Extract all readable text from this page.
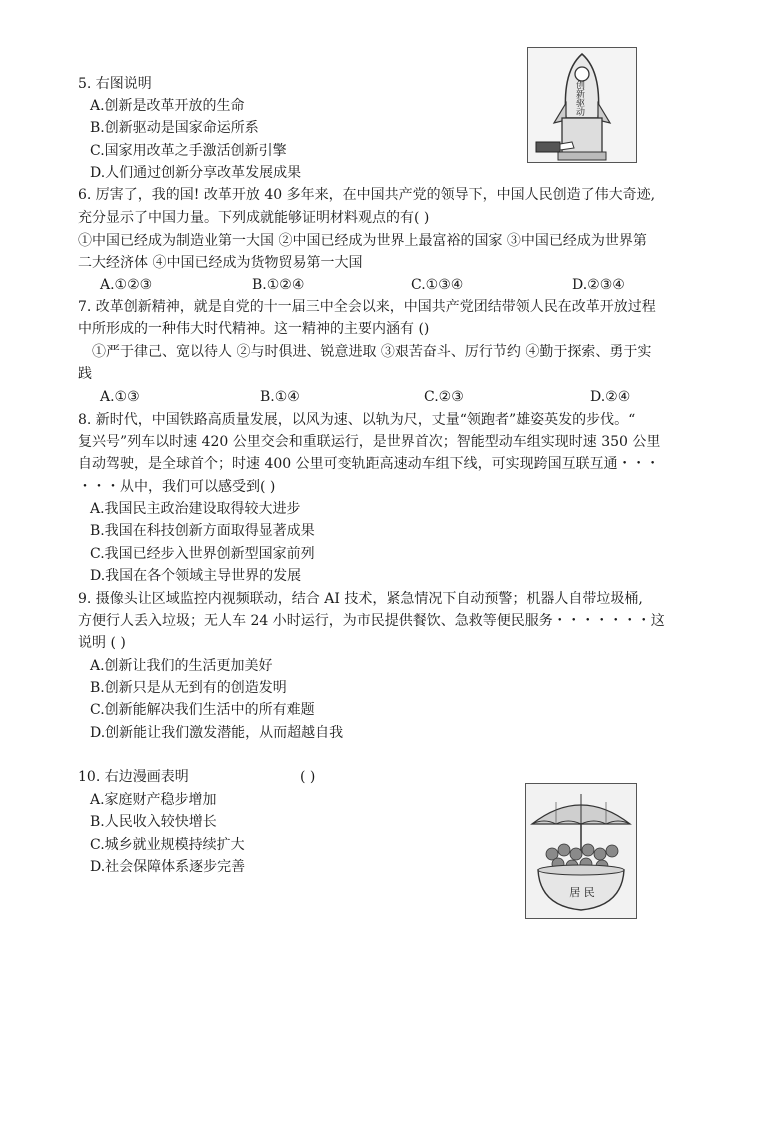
5. 右图说明
A.创新是改革开放的生命
B.创新驱动是国家命运所系
C.国家用改革之手激活创新引擎
D.人们通过创新分享改革发展成果
创新驱动
6. 厉害了，我的国! 改革开放 40 多年来，在中国共产党的领导下，中国人民创造了伟大奇迹,
充分显示了中国力量。下列成就能够证明材料观点的有( )
①中国已经成为制造业第一大国 ②中国已经成为世界上最富裕的国家 ③中国已经成为世界第
二大经济体 ④中国已经成为货物贸易第一大国
A.①②③	B.①②④	C.①③④	D.②③④
7. 改革创新精神，就是自党的十一届三中全会以来，中国共产党团结带领人民在改革开放过程
中所形成的一种伟大时代精神。这一精神的主要内涵有 ()
①严于律己、宽以待人 ②与时俱进、锐意进取 ③艰苦奋斗、厉行节约 ④勤于探索、勇于实
践
A.①③	B.①④	C.②③	D.②④
8. 新时代，中国铁路高质量发展，以风为速、以轨为尺，丈量“领跑者”雄姿英发的步伐。“
复兴号”列车以时速 420 公里交会和重联运行，是世界首次；智能型动车组实现时速 350 公里
自动驾驶，是全球首个；时速 400 公里可变轨距高速动车组下线，可实现跨国互联互通・・・
・・・从中，我们可以感受到( )
A.我国民主政治建设取得较大进步
B.我国在科技创新方面取得显著成果
C.我国已经步入世界创新型国家前列
D.我国在各个领域主导世界的发展
9. 摄像头让区域监控内视频联动，结合 AI 技术，紧急情况下自动预警；机器人自带垃圾桶,
方便行人丢入垃圾；无人车 24 小时运行，为市民提供餐饮、急救等便民服务・・・・・・・这
说明 ( )
A.创新让我们的生活更加美好
B.创新只是从无到有的创造发明
C.创新能解决我们生活中的所有难题
D.创新能让我们激发潜能，从而超越自我
10. 右边漫画表明	( )
A.家庭财产稳步增加
B.人民收入较快增长
C.城乡就业规模持续扩大
D.社会保障体系逐步完善
居 民
